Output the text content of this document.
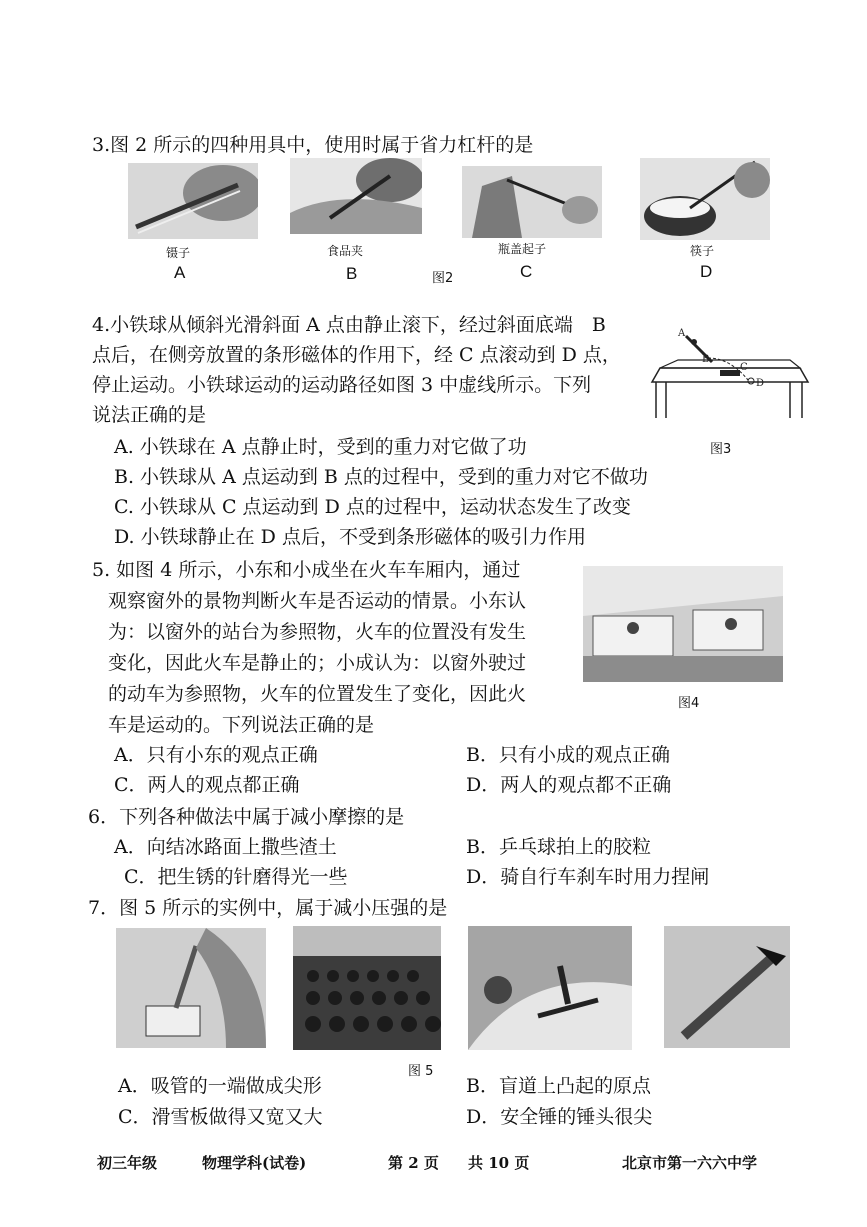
3.图 2 所示的四种用具中，使用时属于省力杠杆的是
镊子	食品夹	瓶盖起子	筷子
A	B	图2	C	D
4.小铁球从倾斜光滑斜面 A 点由静止滚下，经过斜面底端　B
点后，在侧旁放置的条形磁体的作用下，经 C 点滚动到 D 点，
停止运动。小铁球运动的运动路径如图 3 中虚线所示。下列
说法正确的是
A
B
C
D
图3
A. 小铁球在 A 点静止时，受到的重力对它做了功
B. 小铁球从 A 点运动到 B 点的过程中，受到的重力对它不做功
C. 小铁球从 C 点运动到 D 点的过程中，运动状态发生了改变
D. 小铁球静止在 D 点后，不受到条形磁体的吸引力作用
5. 如图 4 所示，小东和小成坐在火车车厢内，通过
观察窗外的景物判断火车是否运动的情景。小东认
为：以窗外的站台为参照物，火车的位置没有发生
变化，因此火车是静止的；小成认为：以窗外驶过
的动车为参照物，火车的位置发生了变化，因此火
车是运动的。下列说法正确的是
图4
A．只有小东的观点正确	B．只有小成的观点正确
C．两人的观点都正确	D．两人的观点都不正确
6．下列各种做法中属于减小摩擦的是
A．向结冰路面上撒些渣土	B．乒乓球拍上的胶粒
C．把生锈的针磨得光一些	D．骑自行车刹车时用力捏闸
7．图 5 所示的实例中，属于减小压强的是
图 5
A．吸管的一端做成尖形	B．盲道上凸起的原点
C．滑雪板做得又宽又大	D．安全锤的锤头很尖
初三年级	物理学科(试卷)	第 2 页 共 10 页	北京市第一六六中学
